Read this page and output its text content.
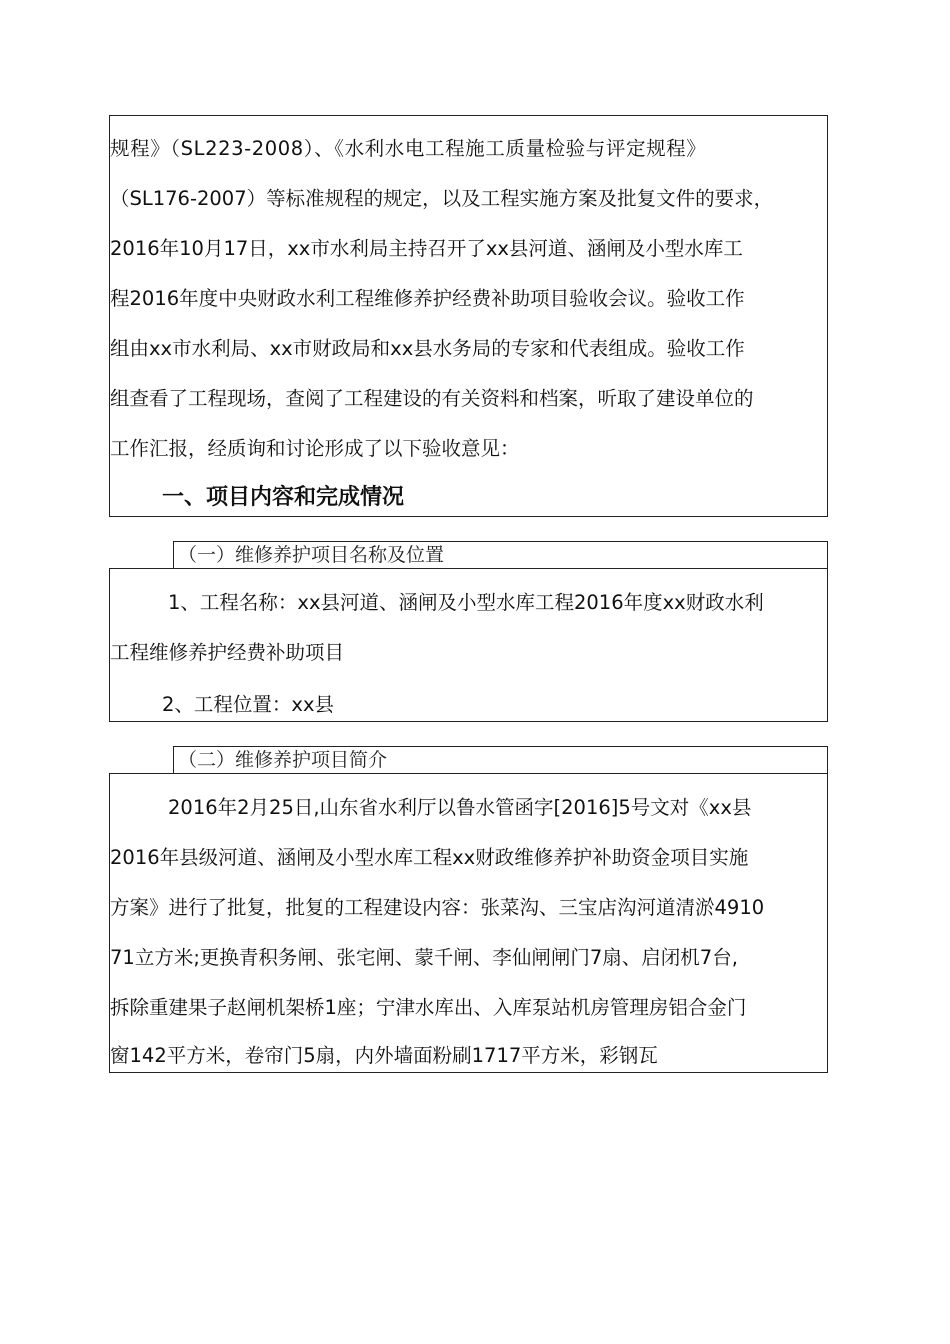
规程》（SL223-2008）、《水利水电工程施工质量检验与评定规程》
（SL176-2007）等标准规程的规定，以及工程实施方案及批复文件的要求，
2016年10月17日，xx市水利局主持召开了xx县河道、涵闸及小型水库工
程2016年度中央财政水利工程维修养护经费补助项目验收会议。验收工作
组由xx市水利局、xx市财政局和xx县水务局的专家和代表组成。验收工作
组查看了工程现场，查阅了工程建设的有关资料和档案，听取了建设单位的
工作汇报，经质询和讨论形成了以下验收意见：
一、项目内容和完成情况
（一）维修养护项目名称及位置
1、工程名称：xx县河道、涵闸及小型水库工程2016年度xx财政水利
工程维修养护经费补助项目
2、工程位置：xx县
（二）维修养护项目简介
2016年2月25日,山东省水利厅以鲁水管函字[2016]5号文对《xx县
2016年县级河道、涵闸及小型水库工程xx财政维修养护补助资金项目实施
方案》进行了批复，批复的工程建设内容：张菜沟、三宝店沟河道清淤4910
71立方米;更换青积务闸、张宅闸、蒙千闸、李仙闸闸门7扇、启闭机7台,
拆除重建果子赵闸机架桥1座；宁津水库出、入库泵站机房管理房铝合金门
窗142平方米，卷帘门5扇，内外墙面粉刷1717平方米，彩钢瓦
